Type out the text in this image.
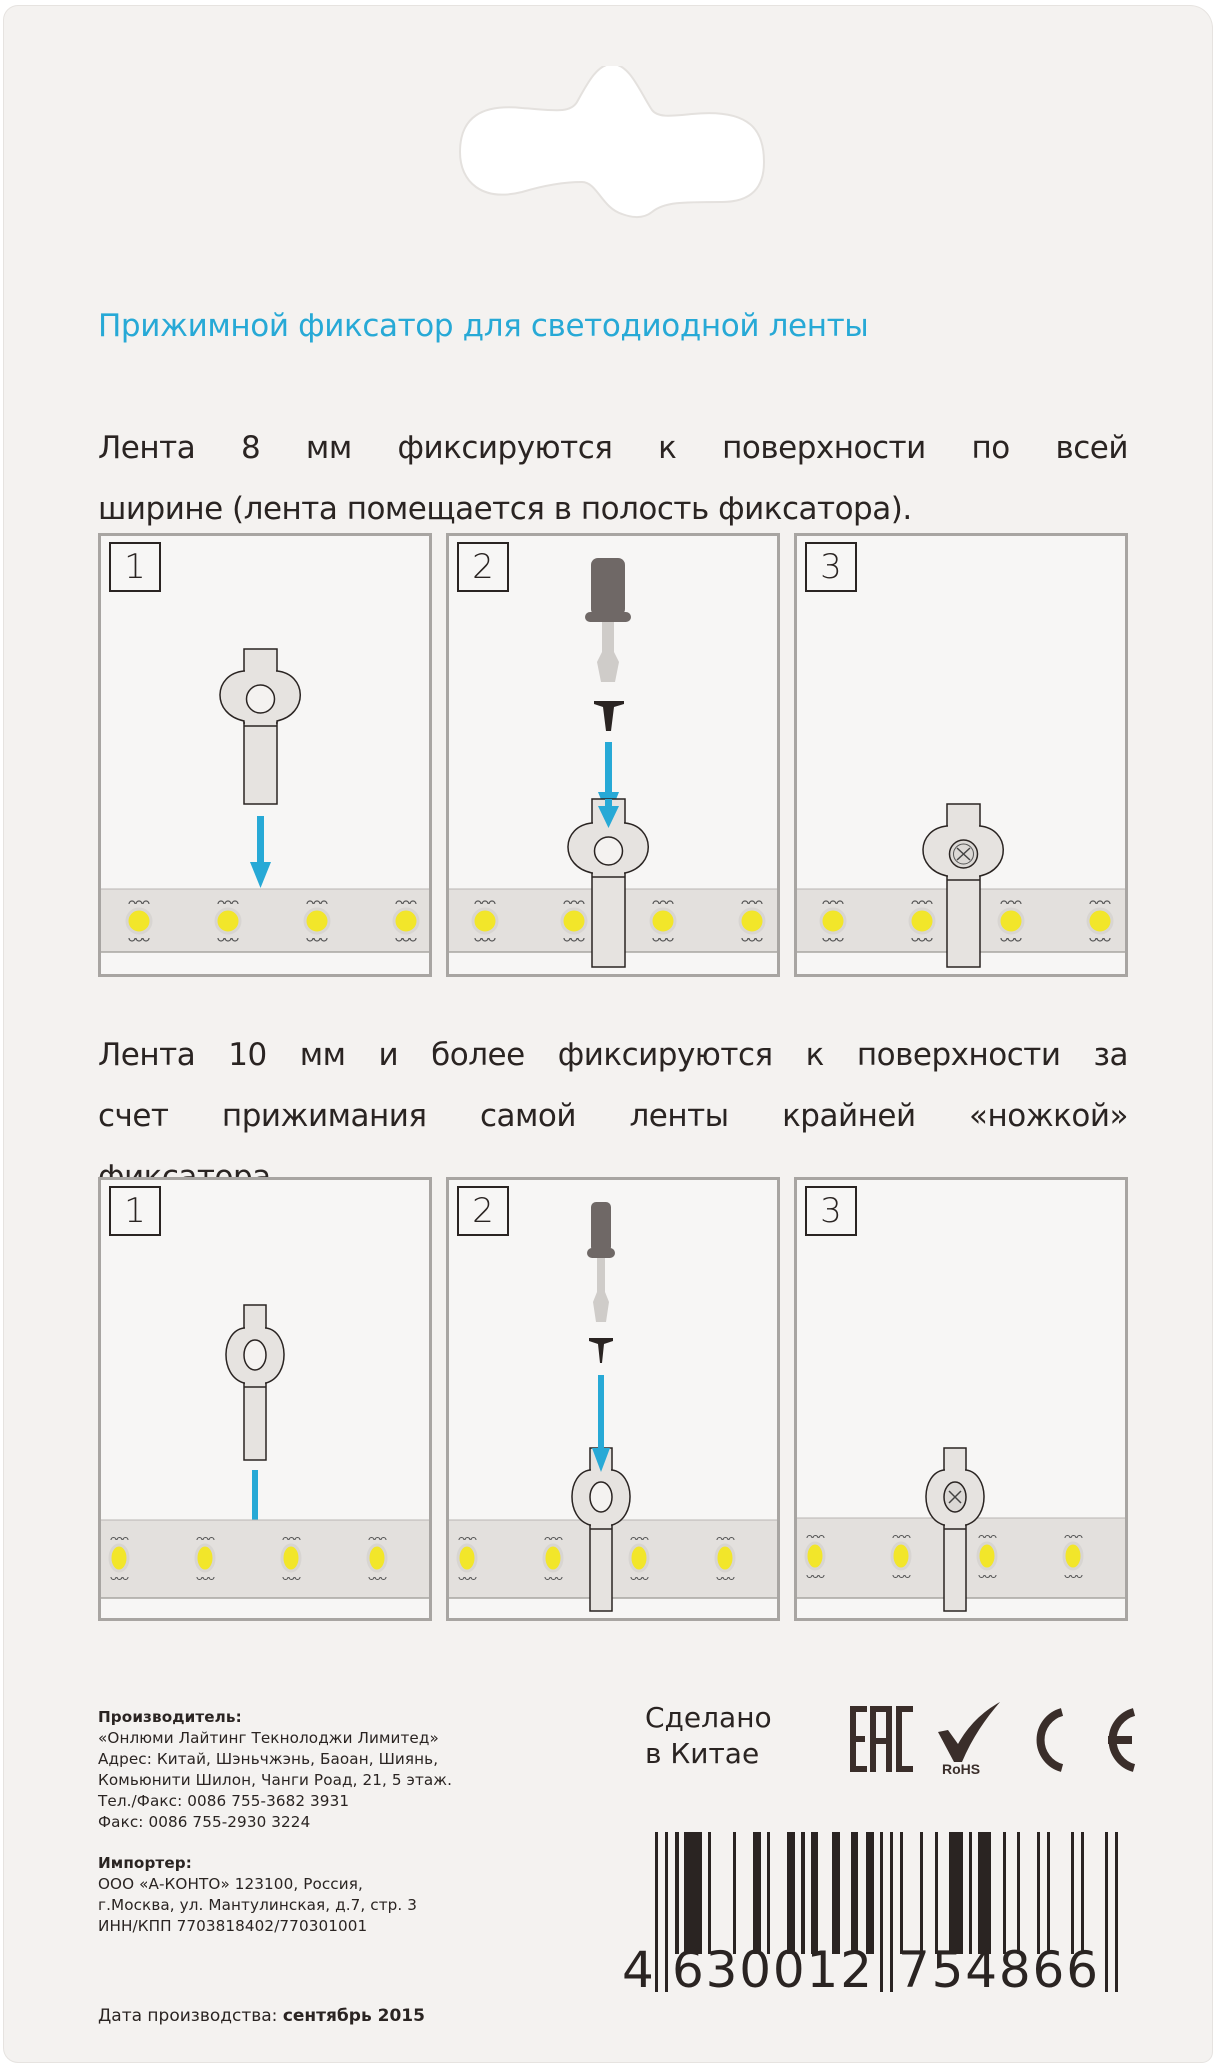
Прижимной фиксатор для светодиодной ленты
Лента 8 мм фиксируются к поверхности по всей
ширине (лента помещается в полость фиксатора).
1	2	3
Лента 10 мм и более фиксируются к поверхности за
счет прижимания самой ленты крайней «ножкой»
1	2	3
Производитель:
«Онлюми Лайтинг Текнолоджи Лимитед»
Адрес: Китай, Шэньчжэнь, Баоан, Шиянь,
Комьюнити Шилон, Чанги Роад, 21, 5 этаж.
Тел./Факс: 0086 755-3682 3931
Факс: 0086 755-2930 3224
Импортер:
ООО «А-КОНТО» 123100, Россия,
г.Москва, ул. Мантулинская, д.7, стр. 3
ИНН/КПП 7703818402/770301001
Дата производства: сентябрь 2015
Сделано
в Китае	RoHS
4 630012 754866
